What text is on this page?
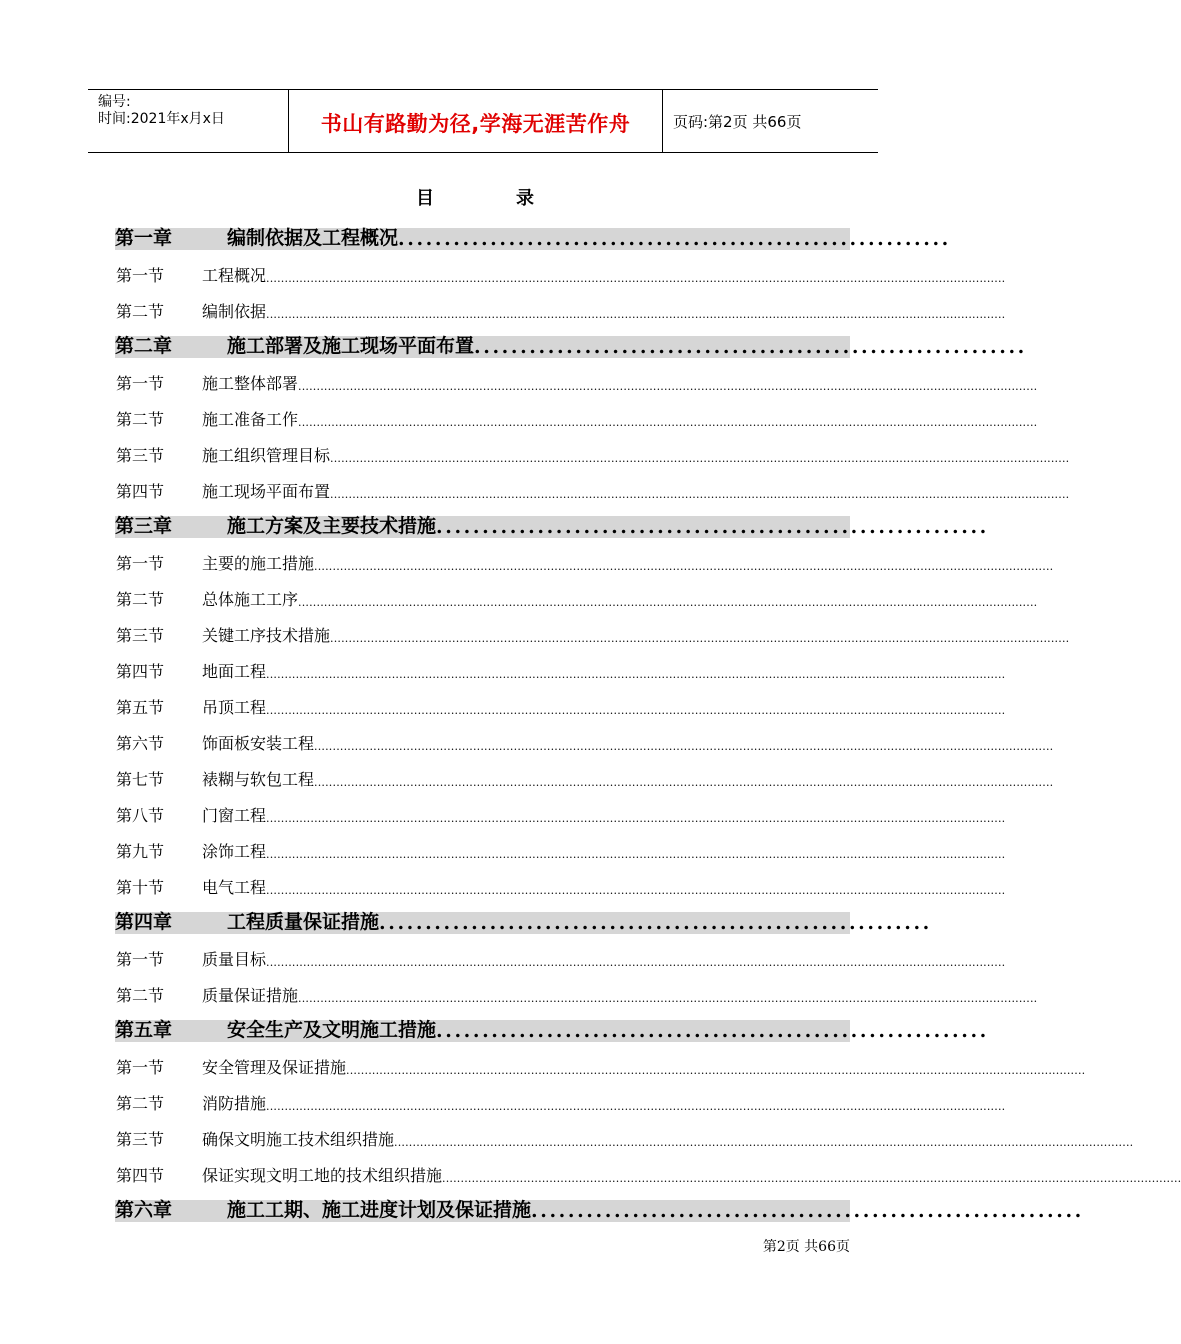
编号:
时间:2021年x月x日	书山有路勤为径,学海无涯苦作舟	页码:第2页 共66页
目　录
第一章	编制依据及工程概况 ............................................................
第一节	工程概况 ........................................................................................................................................................................................................
第二节	编制依据 ........................................................................................................................................................................................................
第二章	施工部署及施工现场平面布置 ............................................................
第一节	施工整体部署 ........................................................................................................................................................................................................
第二节	施工准备工作 ........................................................................................................................................................................................................
第三节	施工组织管理目标 ........................................................................................................................................................................................................
第四节	施工现场平面布置 ........................................................................................................................................................................................................
第三章	施工方案及主要技术措施 ............................................................
第一节	主要的施工措施 ........................................................................................................................................................................................................
第二节	总体施工工序 ........................................................................................................................................................................................................
第三节	关键工序技术措施 ........................................................................................................................................................................................................
第四节	地面工程 ........................................................................................................................................................................................................
第五节	吊顶工程 ........................................................................................................................................................................................................
第六节	饰面板安装工程 ........................................................................................................................................................................................................
第七节	裱糊与软包工程 ........................................................................................................................................................................................................
第八节	门窗工程 ........................................................................................................................................................................................................
第九节	涂饰工程 ........................................................................................................................................................................................................
第十节	电气工程 ........................................................................................................................................................................................................
第四章	工程质量保证措施 ............................................................
第一节	质量目标 ........................................................................................................................................................................................................
第二节	质量保证措施 ........................................................................................................................................................................................................
第五章	安全生产及文明施工措施 ............................................................
第一节	安全管理及保证措施 ........................................................................................................................................................................................................
第二节	消防措施 ........................................................................................................................................................................................................
第三节	确保文明施工技术组织措施 ........................................................................................................................................................................................................
第四节	保证实现文明工地的技术组织措施 ........................................................................................................................................................................................................
第六章	施工工期、施工进度计划及保证措施 ............................................................
第2页 共66页
